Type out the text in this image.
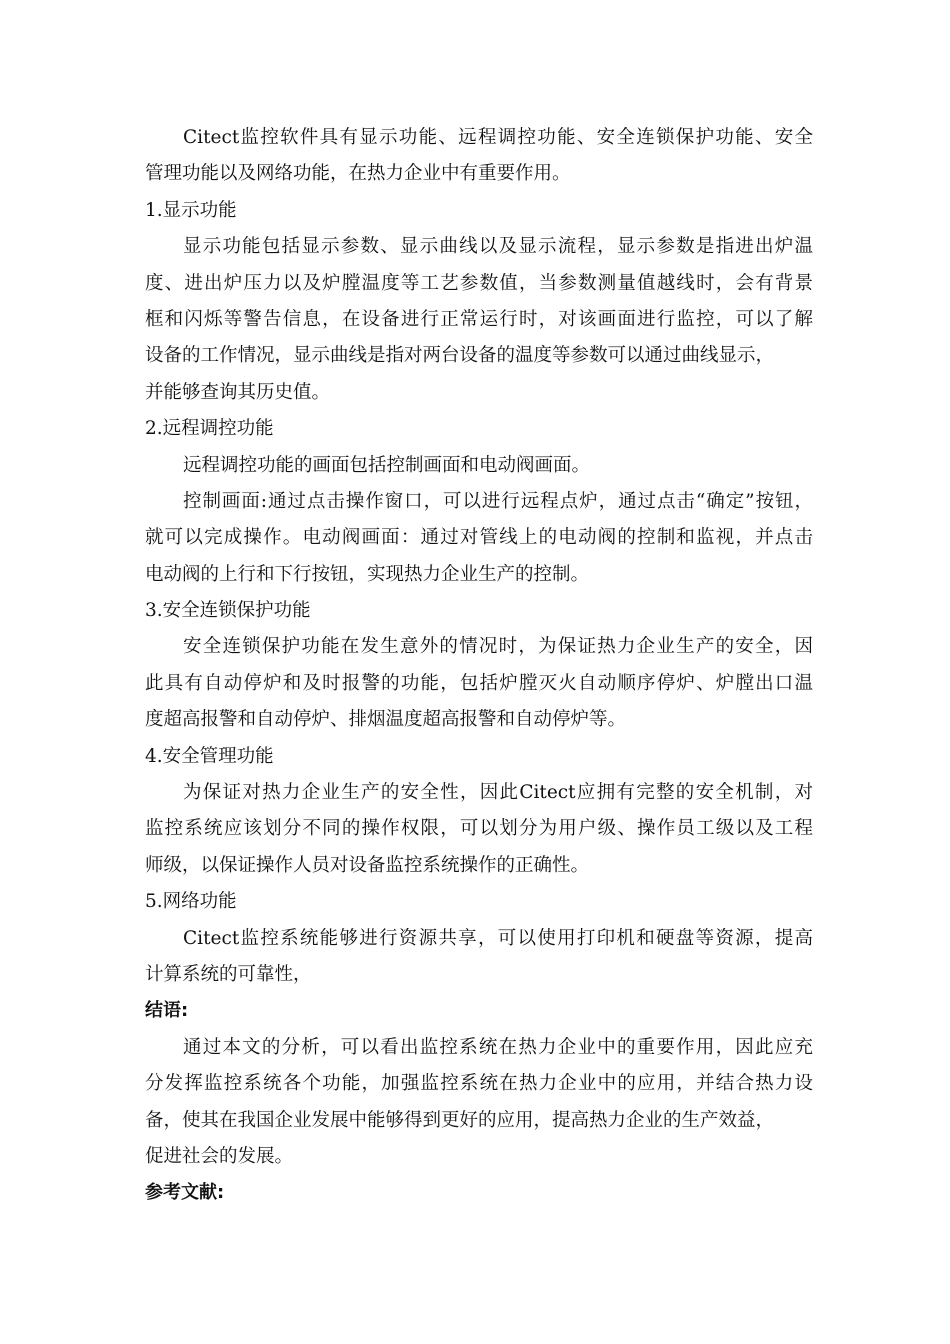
Citect监控软件具有显示功能、远程调控功能、安全连锁保护功能、安全
管理功能以及网络功能，在热力企业中有重要作用。
1.显示功能
显示功能包括显示参数、显示曲线以及显示流程，显示参数是指进出炉温
度、进出炉压力以及炉膛温度等工艺参数值，当参数测量值越线时，会有背景
框和闪烁等警告信息，在设备进行正常运行时，对该画面进行监控，可以了解
设备的工作情况，显示曲线是指对两台设备的温度等参数可以通过曲线显示，
并能够查询其历史值。
2.远程调控功能
远程调控功能的画面包括控制画面和电动阀画面。
控制画面:通过点击操作窗口，可以进行远程点炉，通过点击“确定”按钮，
就可以完成操作。电动阀画面：通过对管线上的电动阀的控制和监视，并点击
电动阀的上行和下行按钮，实现热力企业生产的控制。
3.安全连锁保护功能
安全连锁保护功能在发生意外的情况时，为保证热力企业生产的安全，因
此具有自动停炉和及时报警的功能，包括炉膛灭火自动顺序停炉、炉膛出口温
度超高报警和自动停炉、排烟温度超高报警和自动停炉等。
4.安全管理功能
为保证对热力企业生产的安全性，因此Citect应拥有完整的安全机制，对
监控系统应该划分不同的操作权限，可以划分为用户级、操作员工级以及工程
师级，以保证操作人员对设备监控系统操作的正确性。
5.网络功能
Citect监控系统能够进行资源共享，可以使用打印机和硬盘等资源，提高
计算系统的可靠性，
结语:
通过本文的分析，可以看出监控系统在热力企业中的重要作用，因此应充
分发挥监控系统各个功能，加强监控系统在热力企业中的应用，并结合热力设
备，使其在我国企业发展中能够得到更好的应用，提高热力企业的生产效益，
促进社会的发展。
参考文献:
